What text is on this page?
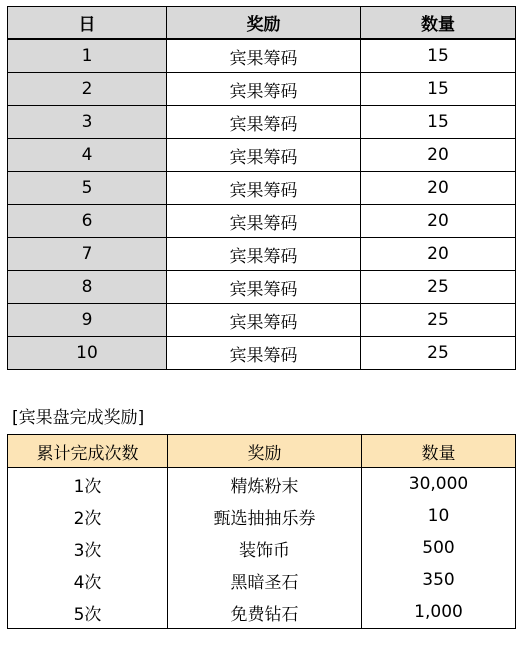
日	奖励	数量
1	宾果筹码	15
2	宾果筹码	15
3	宾果筹码	15
4	宾果筹码	20
5	宾果筹码	20
6	宾果筹码	20
7	宾果筹码	20
8	宾果筹码	25
9	宾果筹码	25
10	宾果筹码	25
[宾果盘完成奖励]
累计完成次数	奖励	数量
1次	精炼粉末	30,000
2次	甄选抽抽乐券	10
3次	装饰币	500
4次	黑暗圣石	350
5次	免费钻石	1,000
